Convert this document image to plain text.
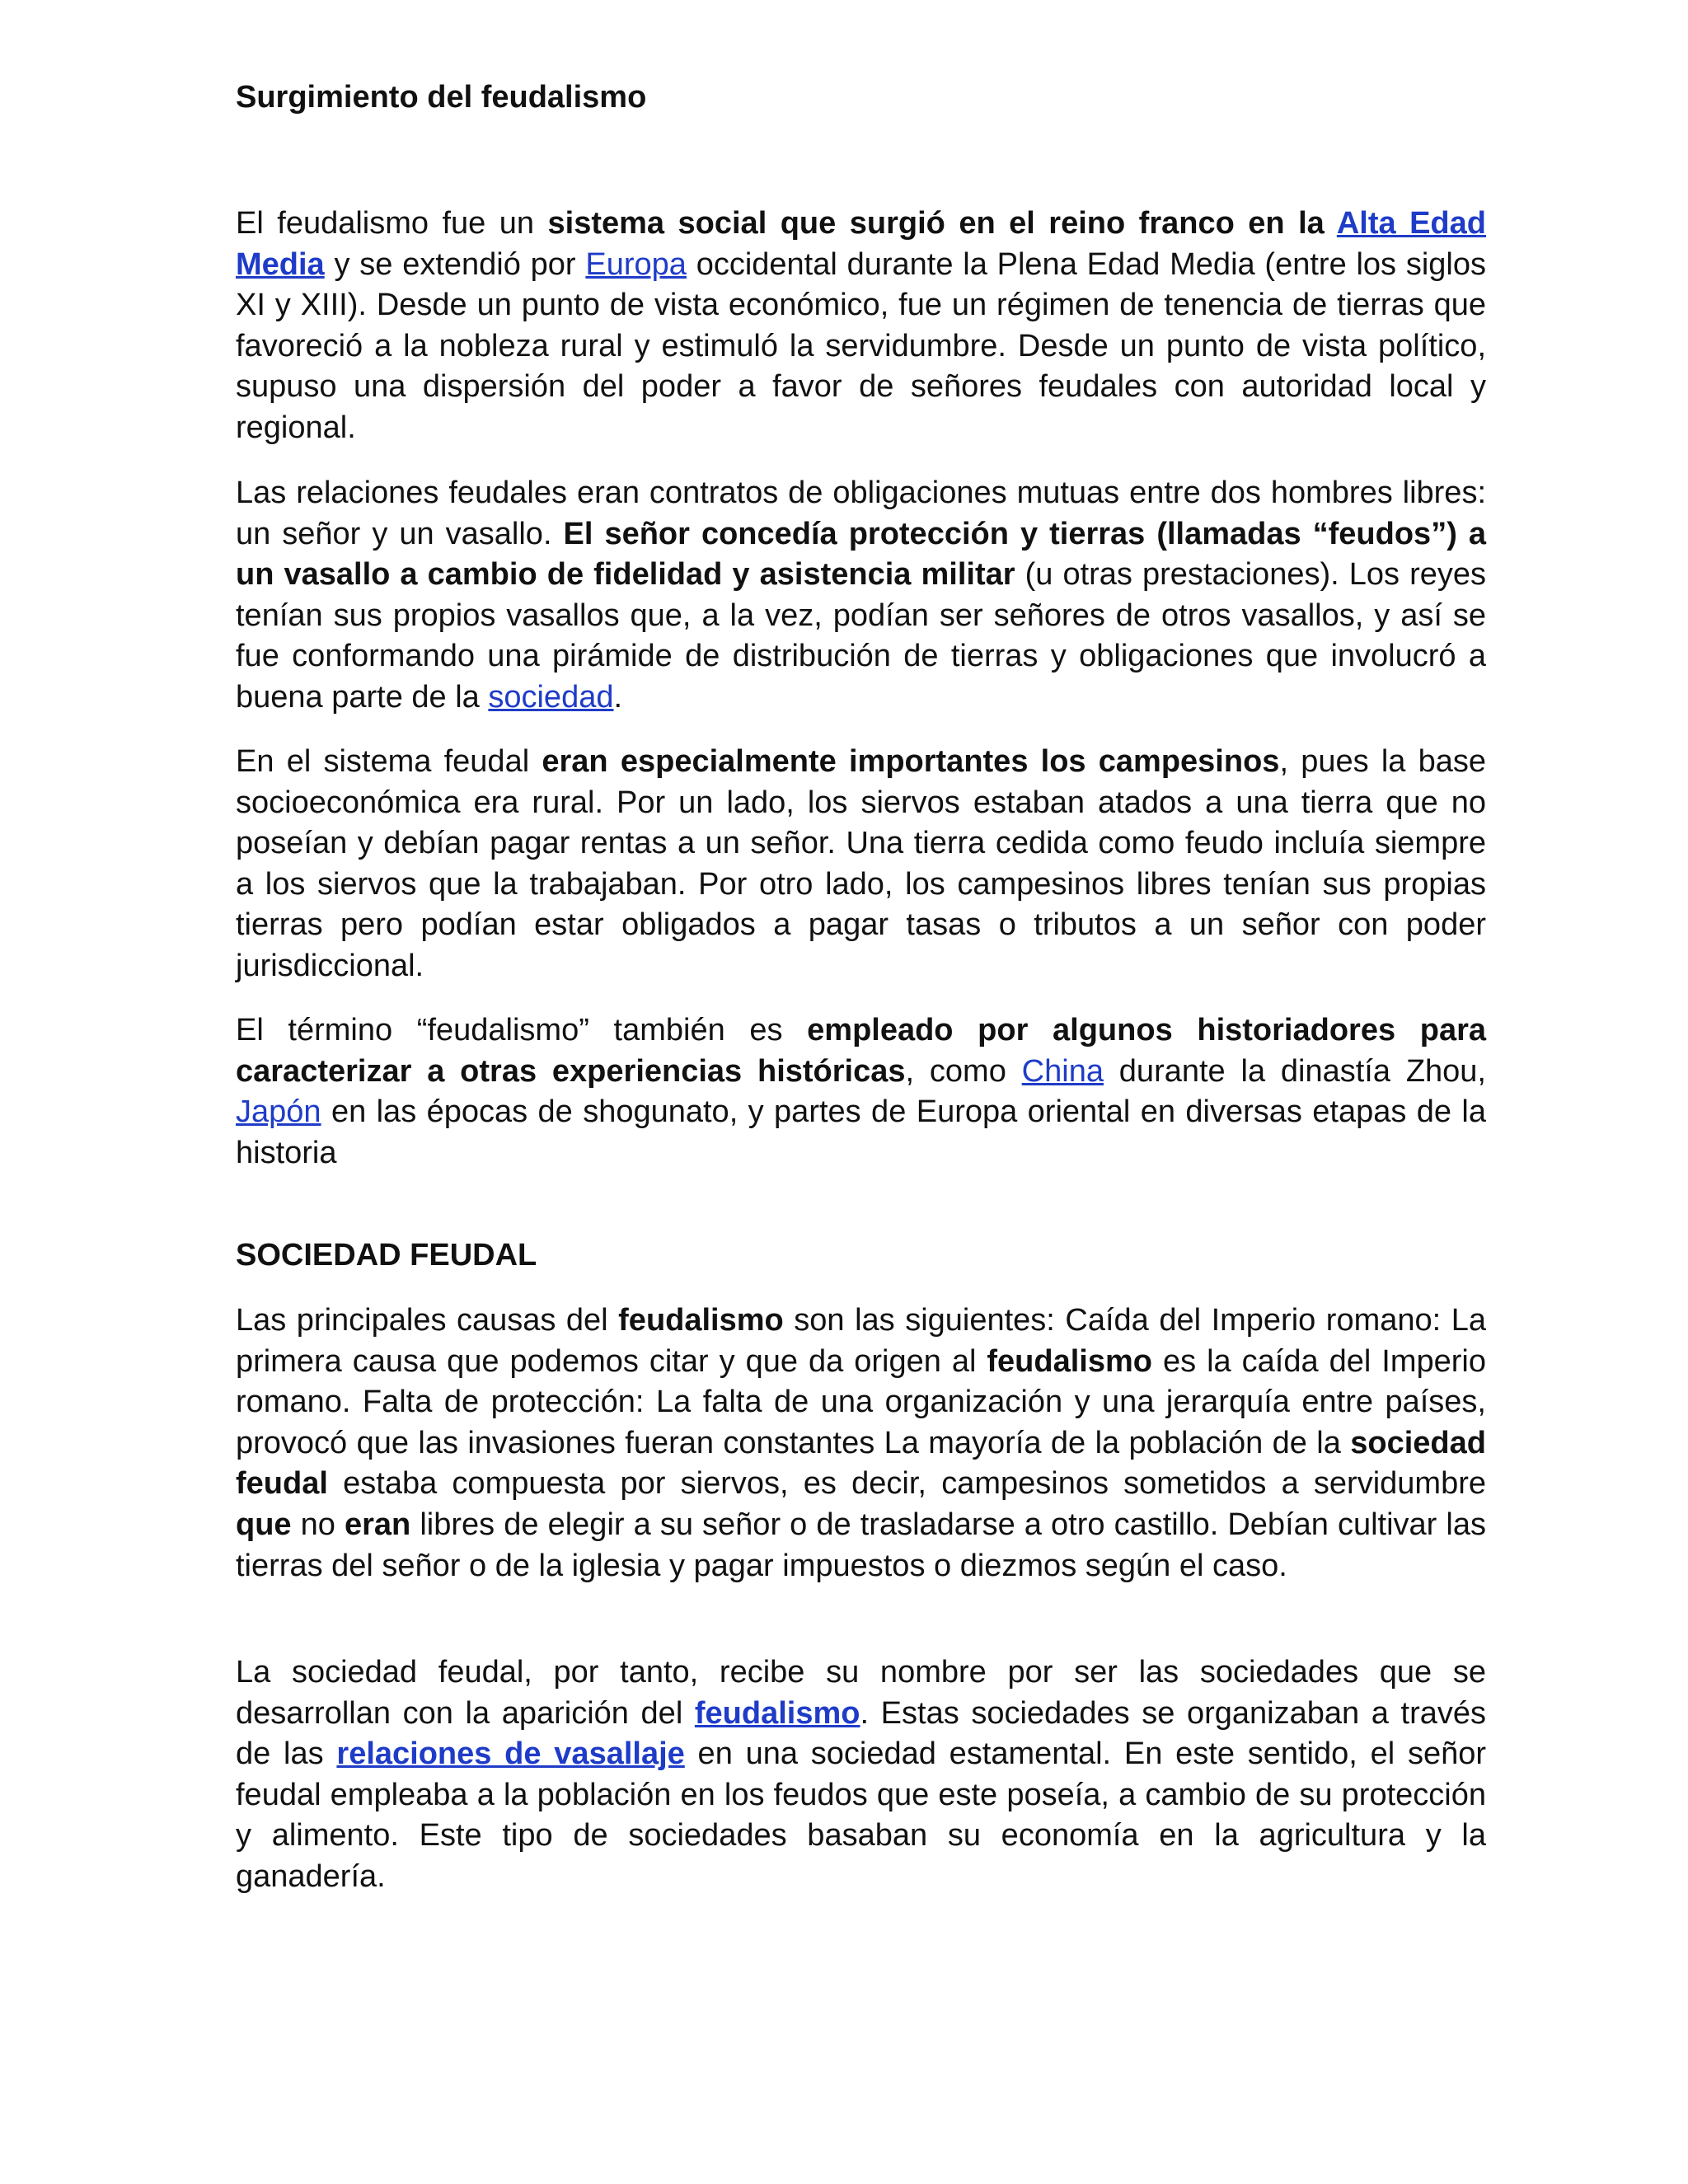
Surgimiento del feudalismo

El feudalismo fue un sistema social que surgió en el reino franco en la Alta Edad Media y se extendió por Europa occidental durante la Plena Edad Media (entre los siglos XI y XIII). Desde un punto de vista económico, fue un régimen de tenencia de tierras que favoreció a la nobleza rural y estimuló la servidumbre. Desde un punto de vista político, supuso una dispersión del poder a favor de señores feudales con autoridad local y regional.

Las relaciones feudales eran contratos de obligaciones mutuas entre dos hombres libres: un señor y un vasallo. El señor concedía protección y tierras (llamadas “feudos”) a un vasallo a cambio de fidelidad y asistencia militar (u otras prestaciones). Los reyes tenían sus propios vasallos que, a la vez, podían ser señores de otros vasallos, y así se fue conformando una pirámide de distribución de tierras y obligaciones que involucró a buena parte de la sociedad.

En el sistema feudal eran especialmente importantes los campesinos, pues la base socioeconómica era rural. Por un lado, los siervos estaban atados a una tierra que no poseían y debían pagar rentas a un señor. Una tierra cedida como feudo incluía siempre a los siervos que la trabajaban. Por otro lado, los campesinos libres tenían sus propias tierras pero podían estar obligados a pagar tasas o tributos a un señor con poder jurisdiccional.

El término “feudalismo” también es empleado por algunos historiadores para caracterizar a otras experiencias históricas, como China durante la dinastía Zhou, Japón en las épocas de shogunato, y partes de Europa oriental en diversas etapas de la historia

SOCIEDAD FEUDAL

Las principales causas del feudalismo son las siguientes: Caída del Imperio romano: La primera causa que podemos citar y que da origen al feudalismo es la caída del Imperio romano. Falta de protección: La falta de una organización y una jerarquía entre países, provocó que las invasiones fueran constantes La mayoría de la población de la sociedad feudal estaba compuesta por siervos, es decir, campesinos sometidos a servidumbre que no eran libres de elegir a su señor o de trasladarse a otro castillo. Debían cultivar las tierras del señor o de la iglesia y pagar impuestos o diezmos según el caso.

La sociedad feudal, por tanto, recibe su nombre por ser las sociedades que se desarrollan con la aparición del feudalismo. Estas sociedades se organizaban a través de las relaciones de vasallaje en una sociedad estamental. En este sentido, el señor feudal empleaba a la población en los feudos que este poseía, a cambio de su protección y alimento. Este tipo de sociedades basaban su economía en la agricultura y la ganadería.
